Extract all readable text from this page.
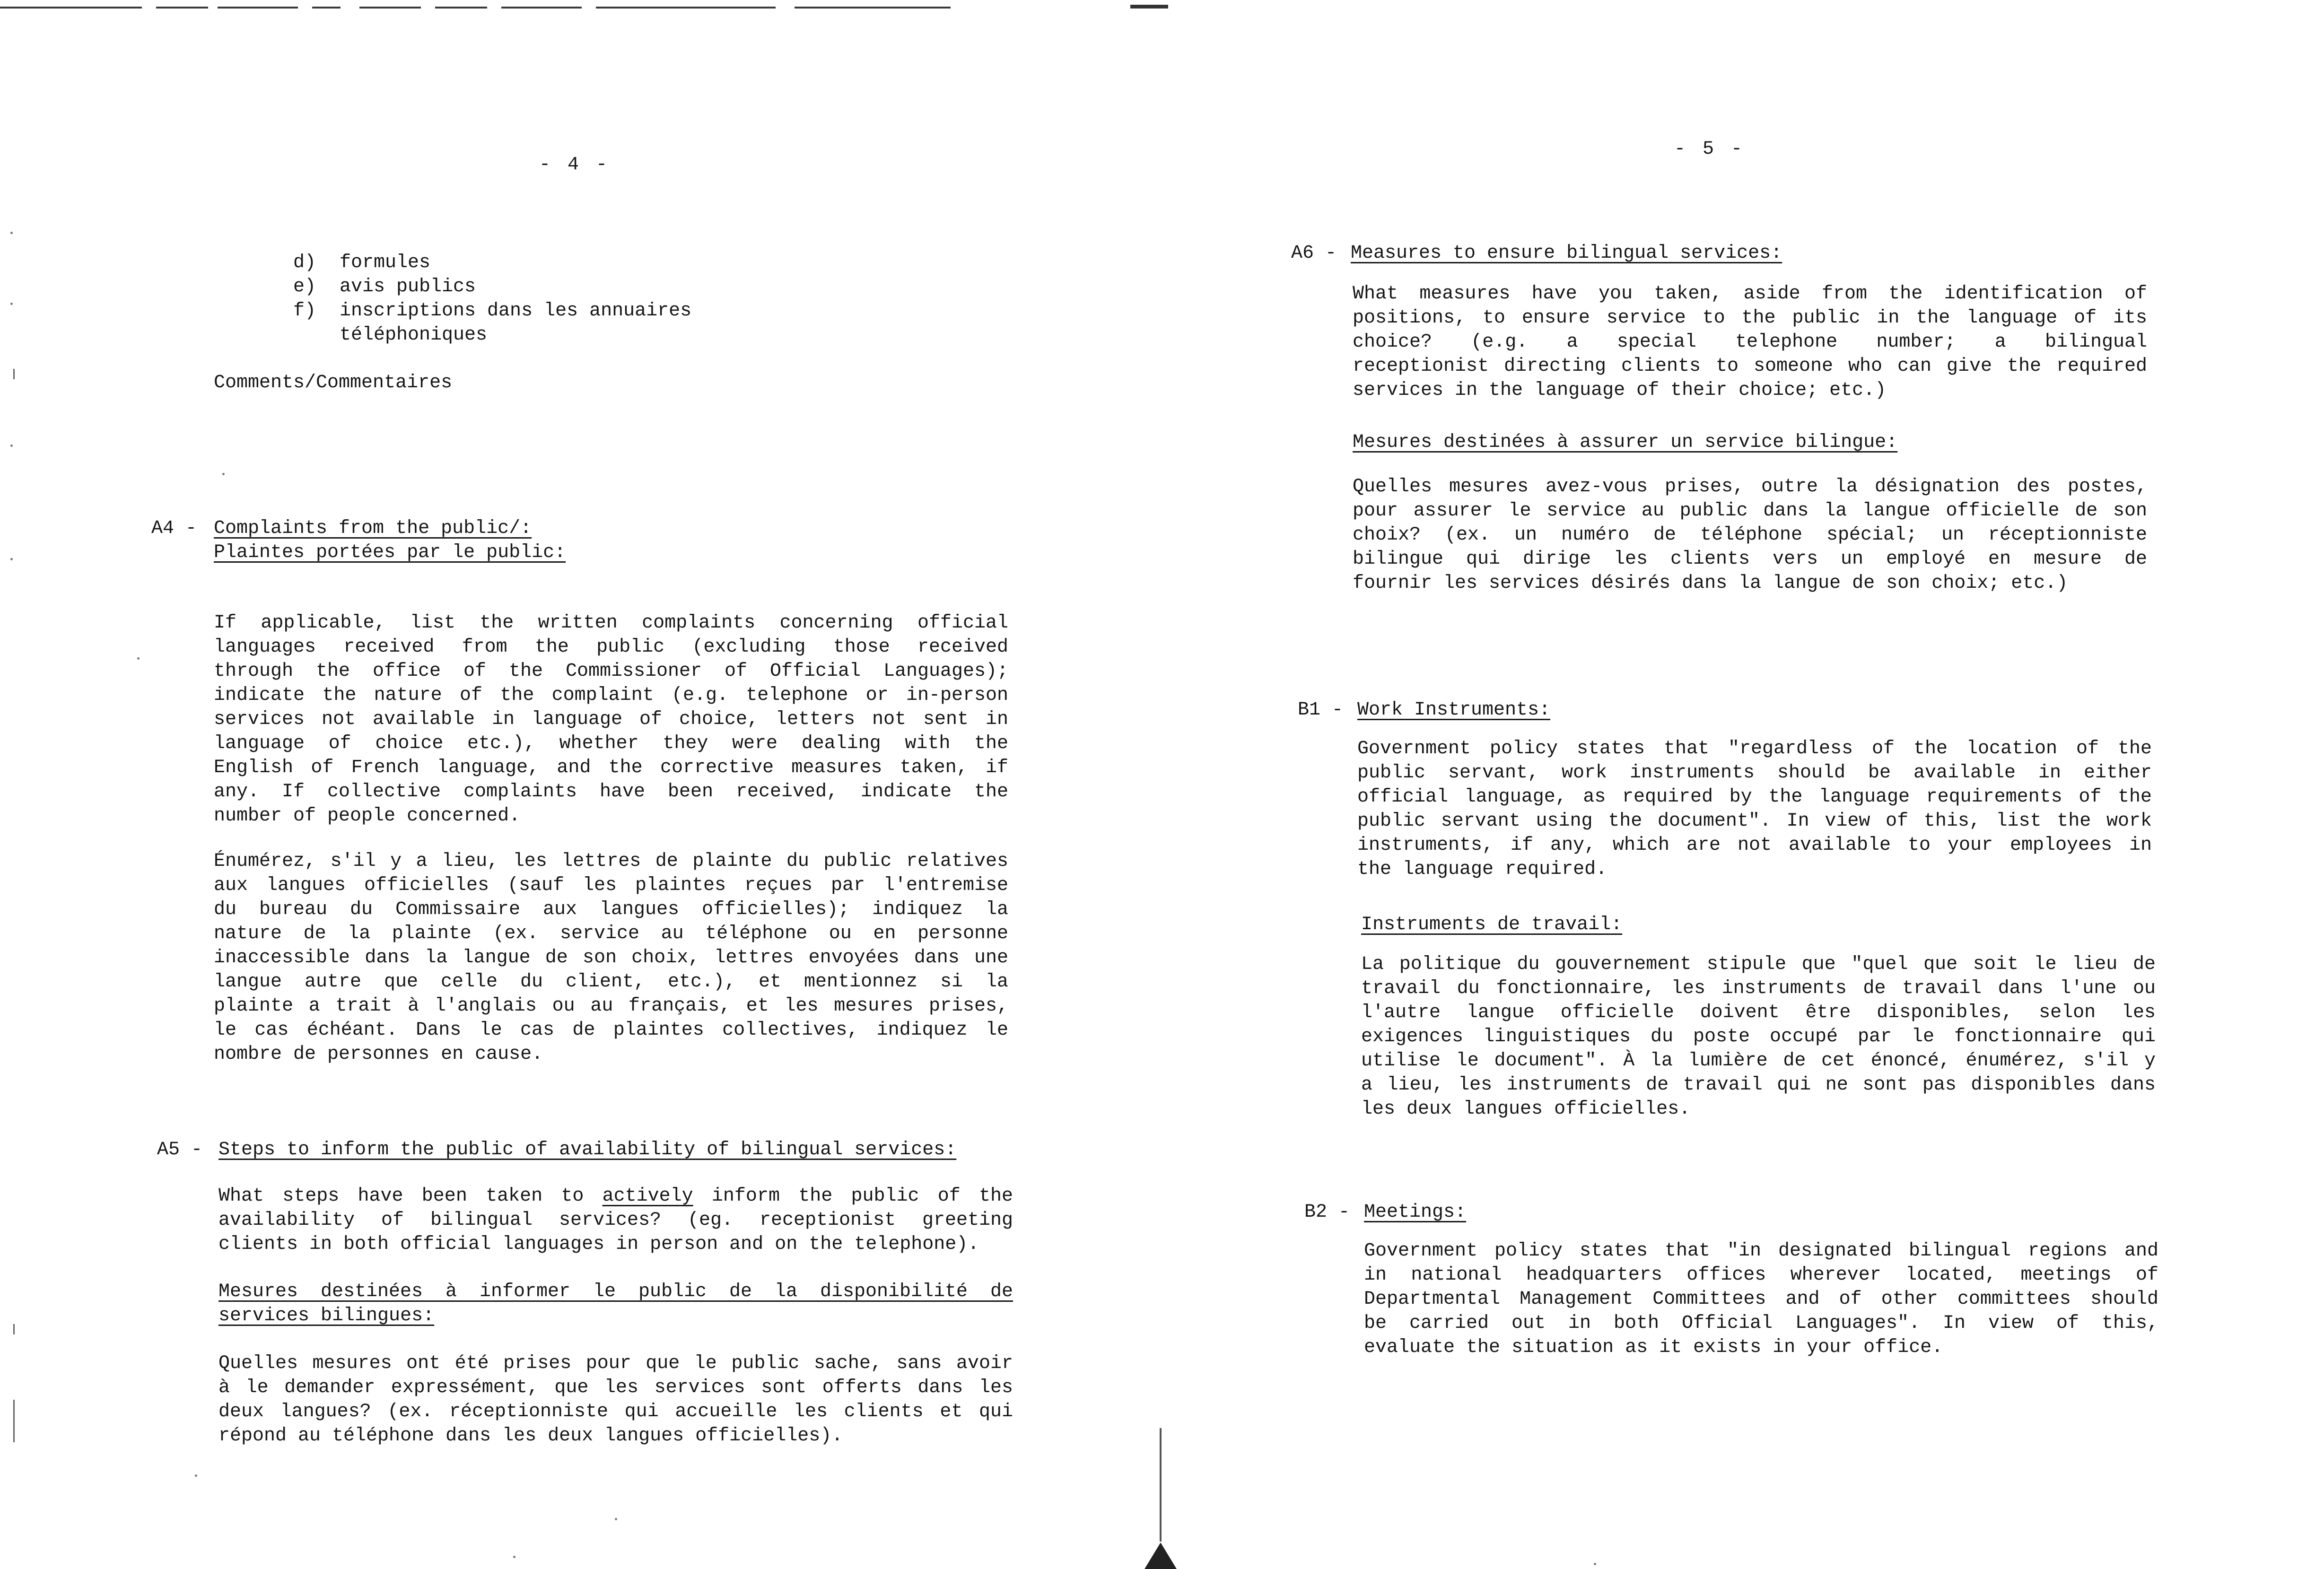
- 4 -
d) formules
e) avis publics
f) inscriptions dans les annuaires
téléphoniques
Comments/Commentaires
A4 - Complaints from the public/:
Plaintes portées par le public:
If applicable, list the written complaints concerning official
languages received from the public (excluding those received
through the office of the Commissioner of Official Languages);
indicate the nature of the complaint (e.g. telephone or in-person
services not available in language of choice, letters not sent in
language of choice etc.), whether they were dealing with the
English of French language, and the corrective measures taken, if
any. If collective complaints have been received, indicate the
number of people concerned.
Énumérez, s'il y a lieu, les lettres de plainte du public relatives
aux langues officielles (sauf les plaintes reçues par l'entremise
du bureau du Commissaire aux langues officielles); indiquez la
nature de la plainte (ex. service au téléphone ou en personne
inaccessible dans la langue de son choix, lettres envoyées dans une
langue autre que celle du client, etc.), et mentionnez si la
plainte a trait à l'anglais ou au français, et les mesures prises,
le cas échéant. Dans le cas de plaintes collectives, indiquez le
nombre de personnes en cause.
A5 - Steps to inform the public of availability of bilingual services:
What steps have been taken to actively inform the public of the
availability of bilingual services? (eg. receptionist greeting
clients in both official languages in person and on the telephone).
Mesures destinées à informer le public de la disponibilité de
services bilingues:
Quelles mesures ont été prises pour que le public sache, sans avoir
à le demander expressément, que les services sont offerts dans les
deux langues? (ex. réceptionniste qui accueille les clients et qui
répond au téléphone dans les deux langues officielles).
- 5 -
A6 - Measures to ensure bilingual services:
What measures have you taken, aside from the identification of
positions, to ensure service to the public in the language of its
choice? (e.g. a special telephone number; a bilingual
receptionist directing clients to someone who can give the required
services in the language of their choice; etc.)
Mesures destinées à assurer un service bilingue:
Quelles mesures avez-vous prises, outre la désignation des postes,
pour assurer le service au public dans la langue officielle de son
choix? (ex. un numéro de téléphone spécial; un réceptionniste
bilingue qui dirige les clients vers un employé en mesure de
fournir les services désirés dans la langue de son choix; etc.)
B1 - Work Instruments:
Government policy states that "regardless of the location of the
public servant, work instruments should be available in either
official language, as required by the language requirements of the
public servant using the document". In view of this, list the work
instruments, if any, which are not available to your employees in
the language required.
Instruments de travail:
La politique du gouvernement stipule que "quel que soit le lieu de
travail du fonctionnaire, les instruments de travail dans l'une ou
l'autre langue officielle doivent être disponibles, selon les
exigences linguistiques du poste occupé par le fonctionnaire qui
utilise le document". À la lumière de cet énoncé, énumérez, s'il y
a lieu, les instruments de travail qui ne sont pas disponibles dans
les deux langues officielles.
B2 - Meetings:
Government policy states that "in designated bilingual regions and
in national headquarters offices wherever located, meetings of
Departmental Management Committees and of other committees should
be carried out in both Official Languages". In view of this,
evaluate the situation as it exists in your office.
